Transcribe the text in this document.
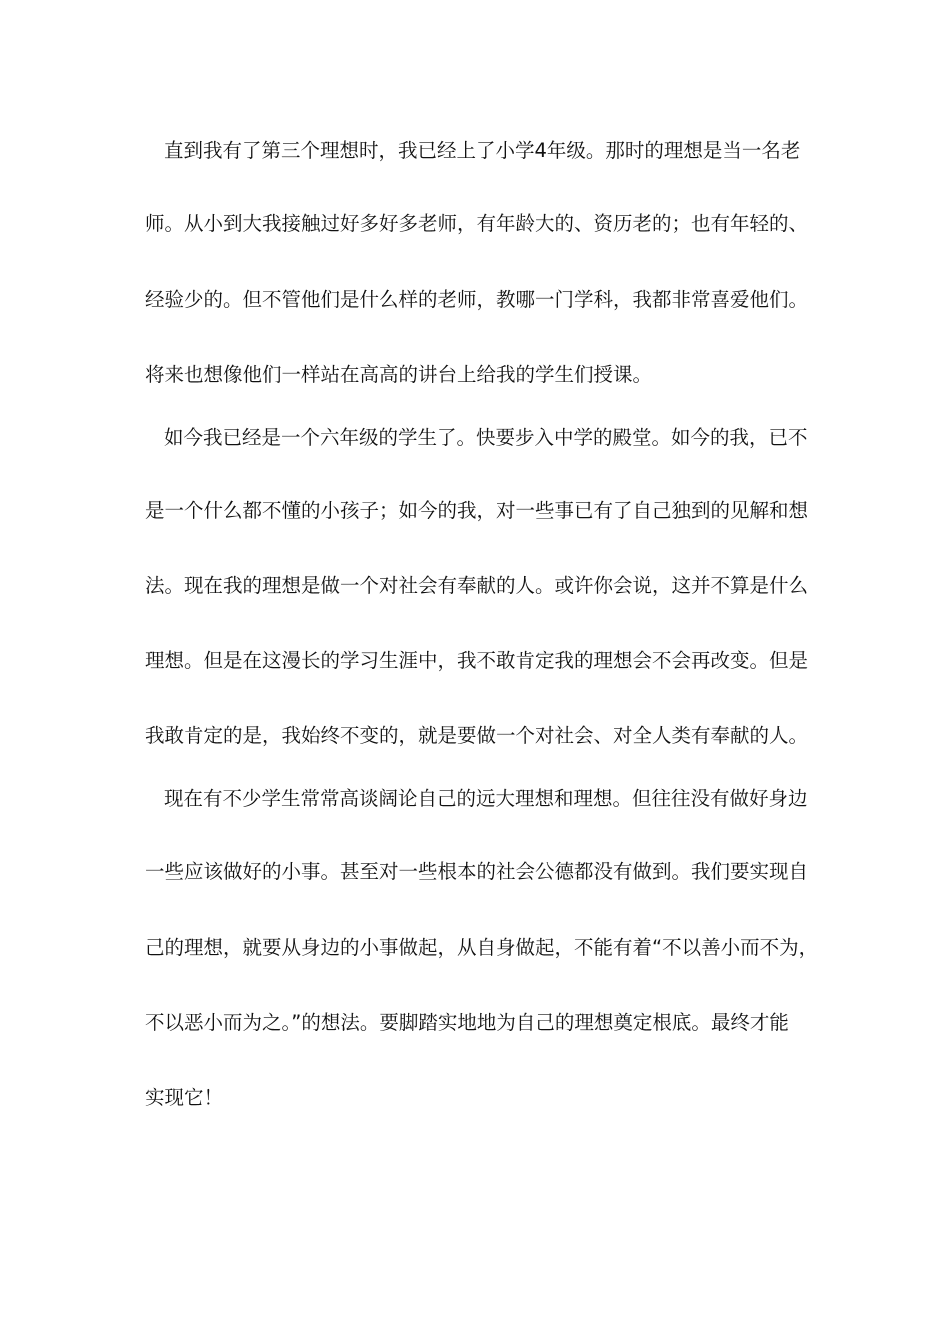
直到我有了第三个理想时，我已经上了小学4年级。那时的理想是当一名老
师。从小到大我接触过好多好多老师，有年龄大的、资历老的；也有年轻的、
经验少的。但不管他们是什么样的老师，教哪一门学科，我都非常喜爱他们。
将来也想像他们一样站在高高的讲台上给我的学生们授课。
如今我已经是一个六年级的学生了。快要步入中学的殿堂。如今的我，已不
是一个什么都不懂的小孩子；如今的我，对一些事已有了自己独到的见解和想
法。现在我的理想是做一个对社会有奉献的人。或许你会说，这并不算是什么
理想。但是在这漫长的学习生涯中，我不敢肯定我的理想会不会再改变。但是
我敢肯定的是，我始终不变的，就是要做一个对社会、对全人类有奉献的人。
现在有不少学生常常高谈阔论自己的远大理想和理想。但往往没有做好身边
一些应该做好的小事。甚至对一些根本的社会公德都没有做到。我们要实现自
己的理想，就要从身边的小事做起，从自身做起，不能有着“不以善小而不为，
不以恶小而为之。”的想法。要脚踏实地地为自己的理想奠定根底。最终才能
实现它！
